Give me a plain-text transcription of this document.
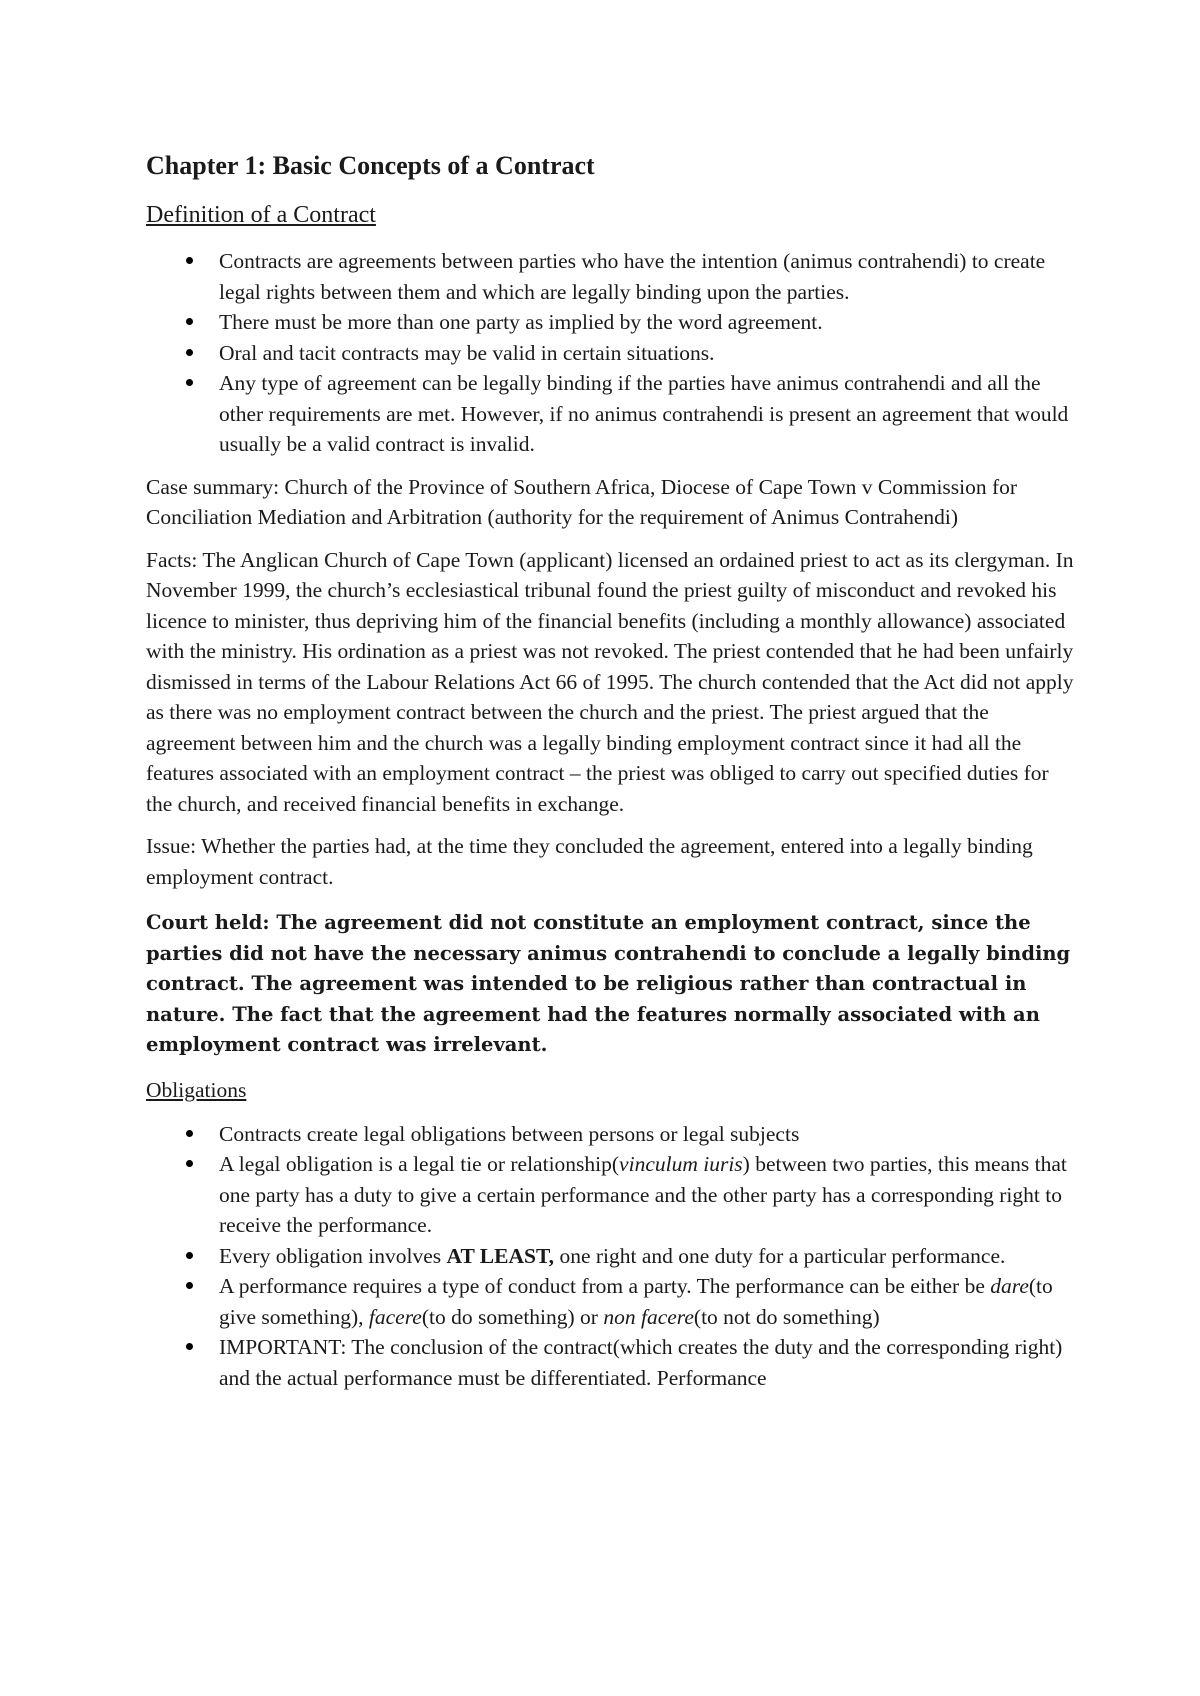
Chapter 1: Basic Concepts of a Contract
Definition of a Contract
Contracts are agreements between parties who have the intention (animus contrahendi) to create legal rights between them and which are legally binding upon the parties.
There must be more than one party as implied by the word agreement.
Oral and tacit contracts may be valid in certain situations.
Any type of agreement can be legally binding if the parties have animus contrahendi and all the other requirements are met. However, if no animus contrahendi is present an agreement that would usually be a valid contract is invalid.

Case summary: Church of the Province of Southern Africa, Diocese of Cape Town v Commission for Conciliation Mediation and Arbitration (authority for the requirement of Animus Contrahendi)

Facts: The Anglican Church of Cape Town (applicant) licensed an ordained priest to act as its clergyman. In November 1999, the church’s ecclesiastical tribunal found the priest guilty of misconduct and revoked his licence to minister, thus depriving him of the financial benefits (including a monthly allowance) associated with the ministry. His ordination as a priest was not revoked. The priest contended that he had been unfairly dismissed in terms of the Labour Relations Act 66 of 1995. The church contended that the Act did not apply as there was no employment contract between the church and the priest. The priest argued that the agreement between him and the church was a legally binding employment contract since it had all the features associated with an employment contract – the priest was obliged to carry out specified duties for the church, and received financial benefits in exchange.

Issue: Whether the parties had, at the time they concluded the agreement, entered into a legally binding employment contract.

Court held: The agreement did not constitute an employment contract, since the parties did not have the necessary animus contrahendi to conclude a legally binding contract. The agreement was intended to be religious rather than contractual in nature. The fact that the agreement had the features normally associated with an employment contract was irrelevant.

Obligations
Contracts create legal obligations between persons or legal subjects
A legal obligation is a legal tie or relationship(vinculum iuris) between two parties, this means that one party has a duty to give a certain performance and the other party has a corresponding right to receive the performance.
Every obligation involves AT LEAST, one right and one duty for a particular performance.
A performance requires a type of conduct from a party. The performance can be either be dare(to give something), facere(to do something) or non facere(to not do something)
IMPORTANT: The conclusion of the contract(which creates the duty and the corresponding right) and the actual performance must be differentiated. Performance
